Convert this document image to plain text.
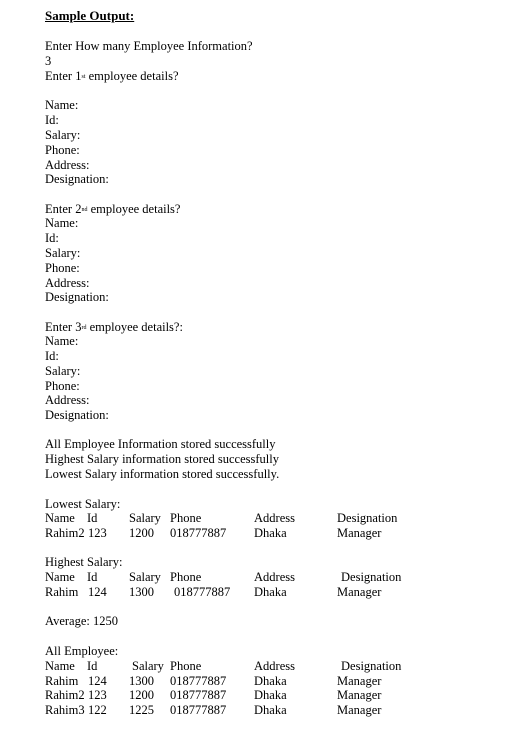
Sample Output:
Enter How many Employee Information?
3
Enter 1st employee details?
Name:
Id:
Salary:
Phone:
Address:
Designation:
Enter 2nd employee details?
Name:
Id:
Salary:
Phone:
Address:
Designation:
Enter 3rd employee details?:
Name:
Id:
Salary:
Phone:
Address:
Designation:
All Employee Information stored successfully
Highest Salary information stored successfully
Lowest Salary information stored successfully.
Lowest Salary:
Name Id	Salary Phone	Address	Designation
Rahim2 123 1200 018777887 Dhaka	Manager
Highest Salary:
Name Id	Salary Phone	Address	Designation
Rahim 124 1300 018777887 Dhaka	Manager
Average: 1250
All Employee:
Name Id	Salary Phone	Address	Designation
Rahim 124 1300 018777887 Dhaka	Manager
Rahim2 123 1200 018777887 Dhaka	Manager
Rahim3 122 1225 018777887 Dhaka	Manager
